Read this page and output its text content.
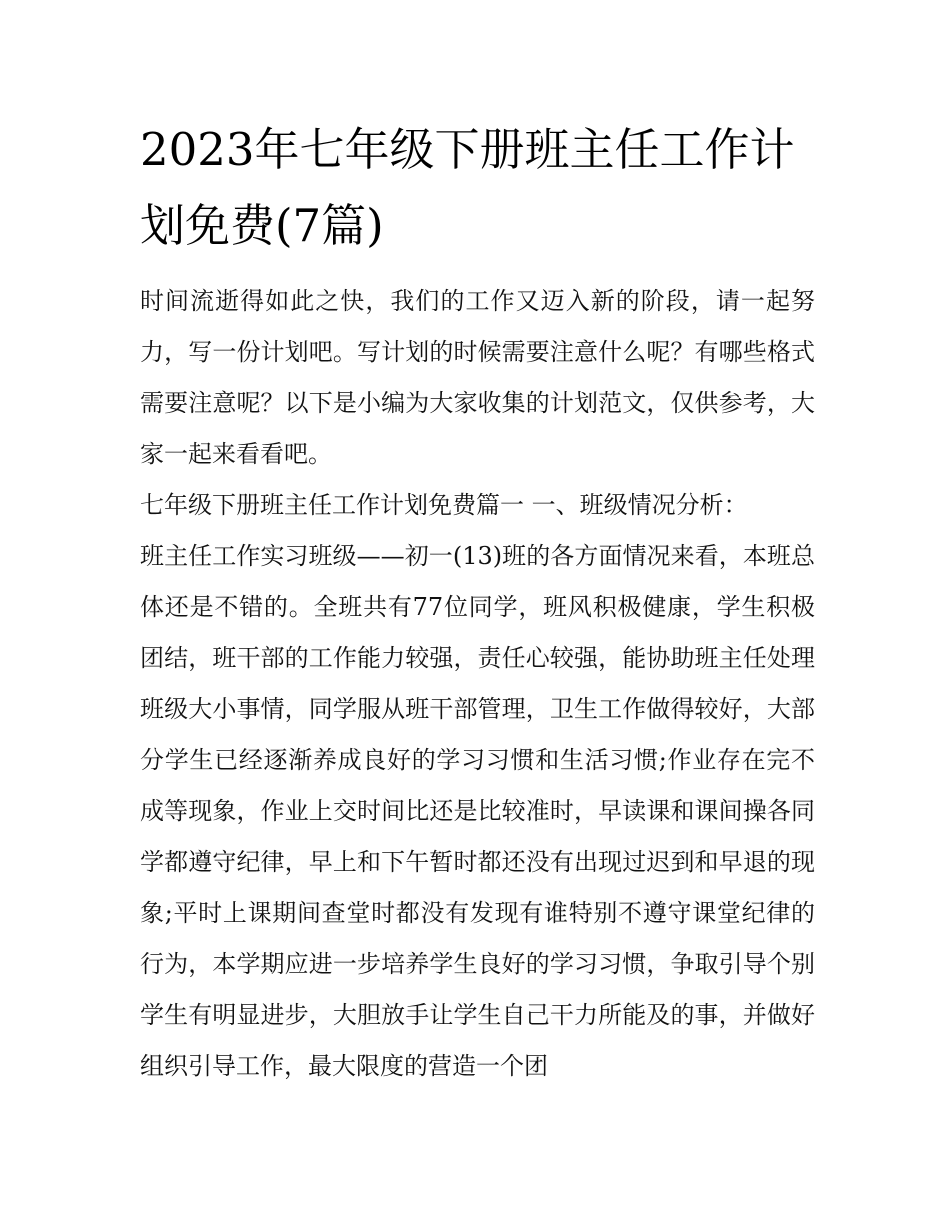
2023年七年级下册班主任工作计划免费(7篇)

时间流逝得如此之快，我们的工作又迈入新的阶段，请一起努力，写一份计划吧。写计划的时候需要注意什么呢？有哪些格式需要注意呢？以下是小编为大家收集的计划范文，仅供参考，大家一起来看看吧。

七年级下册班主任工作计划免费篇一 一、班级情况分析：

班主任工作实习班级——初一(13)班的各方面情况来看，本班总体还是不错的。全班共有77位同学，班风积极健康，学生积极团结，班干部的工作能力较强，责任心较强，能协助班主任处理班级大小事情，同学服从班干部管理，卫生工作做得较好，大部分学生已经逐渐养成良好的学习习惯和生活习惯;作业存在完不成等现象，作业上交时间比还是比较准时，早读课和课间操各同学都遵守纪律，早上和下午暂时都还没有出现过迟到和早退的现象;平时上课期间查堂时都没有发现有谁特别不遵守课堂纪律的行为，本学期应进一步培养学生良好的学习习惯，争取引导个别学生有明显进步，大胆放手让学生自己干力所能及的事，并做好组织引导工作，最大限度的营造一个团
